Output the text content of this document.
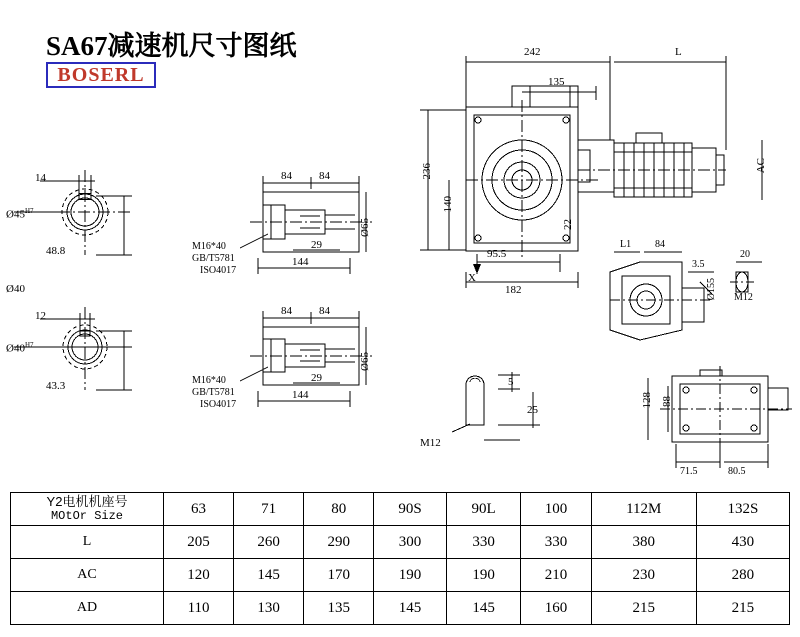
SA67减速机尺寸图纸
BOSERL
242	L
135
236
140
22
AC
95.5
182
X
L1 84
3.5
20
Ø155 M12
128 88
71.5	80.5
5
25
M12
14
$Ø45^{H7}$
48.8
Ø40
12
$Ø40^{H7}$
43.3
84 84
29
144
Ø65
M16*40
GB/T5781
ISO4017
84 84
29
144
Ø65
M16*40
GB/T5781
ISO4017
Y2电机机座号
MOtOr Size	63	71	80	90S	90L	100	112M	132S
L	205	260	290	300	330	330	380	430
AC	120	145	170	190	190	210	230	280
AD	110	130	135	145	145	160	215	215
